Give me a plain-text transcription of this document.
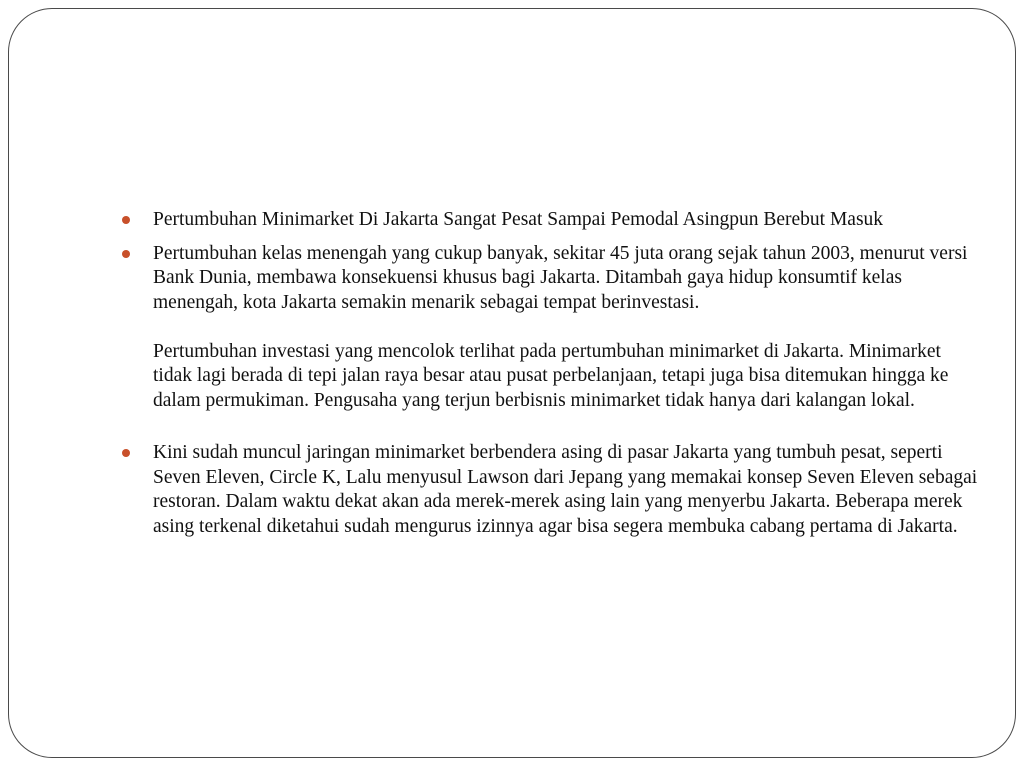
Pertumbuhan Minimarket Di Jakarta Sangat Pesat Sampai Pemodal Asingpun Berebut Masuk
Pertumbuhan kelas menengah yang cukup banyak, sekitar 45 juta orang sejak tahun 2003, menurut versi Bank Dunia, membawa konsekuensi khusus bagi Jakarta. Ditambah gaya hidup konsumtif kelas menengah, kota Jakarta semakin menarik sebagai tempat berinvestasi.
Pertumbuhan investasi yang mencolok terlihat pada pertumbuhan minimarket di Jakarta. Minimarket tidak lagi berada di tepi jalan raya besar atau pusat perbelanjaan, tetapi juga bisa ditemukan hingga ke dalam permukiman. Pengusaha yang terjun berbisnis minimarket tidak hanya dari kalangan lokal.
Kini sudah muncul jaringan minimarket berbendera asing di pasar Jakarta yang tumbuh pesat, seperti Seven Eleven, Circle K, Lalu menyusul Lawson dari Jepang yang memakai konsep Seven Eleven sebagai restoran. Dalam waktu dekat akan ada merek-merek asing lain yang menyerbu Jakarta. Beberapa merek asing terkenal diketahui sudah mengurus izinnya agar bisa segera membuka cabang pertama di Jakarta.
